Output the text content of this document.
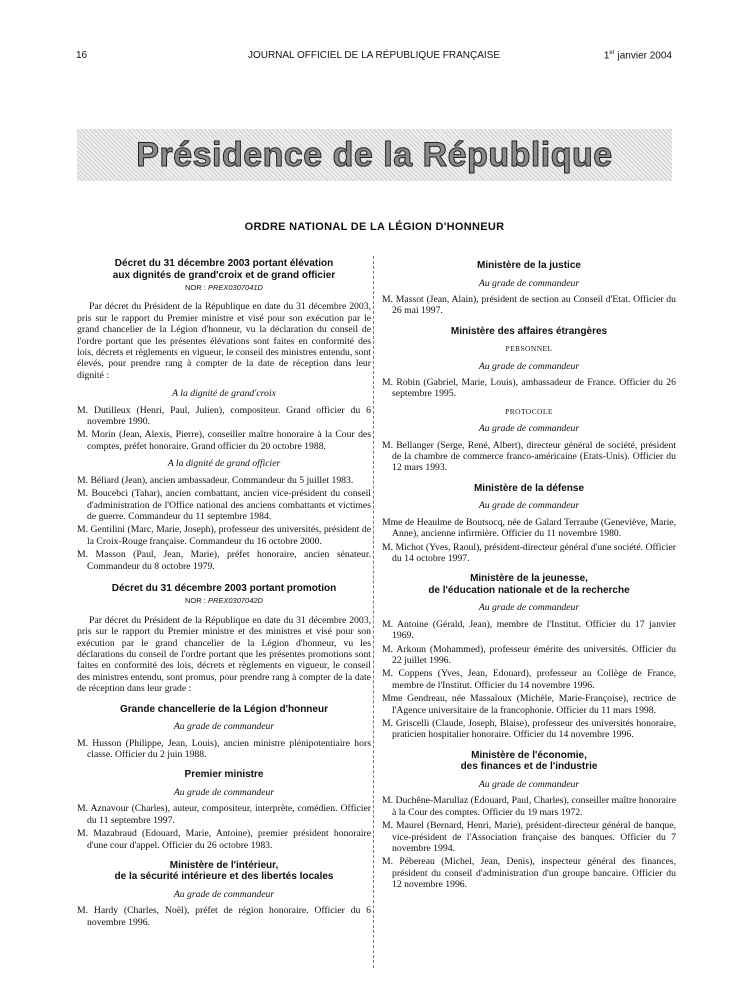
16	JOURNAL OFFICIEL DE LA RÉPUBLIQUE FRANÇAISE	1er janvier 2004
Présidence de la République
ORDRE NATIONAL DE LA LÉGION D'HONNEUR

Décret du 31 décembre 2003 portant élévation
aux dignités de grand'croix et de grand officier

NOR : PREX0307041D

Par décret du Président de la République en date du 31 décembre 2003, pris sur le rapport du Premier ministre et visé pour son exécution par le grand chancelier de la Légion d'honneur, vu la déclaration du conseil de l'ordre portant que les présentes élévations sont faites en conformité des lois, décrets et règlements en vigueur, le conseil des ministres entendu, sont élevés, pour prendre rang à compter de la date de réception dans leur dignité :

A la dignité de grand'croix

M. Dutilleux (Henri, Paul, Julien), compositeur. Grand officier du 6 novembre 1990.

M. Morin (Jean, Alexis, Pierre), conseiller maître honoraire à la Cour des comptes, préfet honoraire. Grand officier du 20 octobre 1988.

A la dignité de grand officier

M. Béliard (Jean), ancien ambassadeur. Commandeur du 5 juillet 1983.

M. Boucebci (Tahar), ancien combattant, ancien vice-président du conseil d'administration de l'Office national des anciens combattants et victimes de guerre. Commandeur du 11 septembre 1984.

M. Gentilini (Marc, Marie, Joseph), professeur des universités, président de la Croix-Rouge française. Commandeur du 16 octobre 2000.

M. Masson (Paul, Jean, Marie), préfet honoraire, ancien sénateur. Commandeur du 8 octobre 1979.

Décret du 31 décembre 2003 portant promotion

NOR : PREX0307042D

Par décret du Président de la République en date du 31 décembre 2003, pris sur le rapport du Premier ministre et des ministres et visé pour son exécution par le grand chancelier de la Légion d'honneur, vu les déclarations du conseil de l'ordre portant que les présentes promotions sont faites en conformité des lois, décrets et règlements en vigueur, le conseil des ministres entendu, sont promus, pour prendre rang à compter de la date de réception dans leur grade :

Grande chancellerie de la Légion d'honneur

Au grade de commandeur

M. Husson (Philippe, Jean, Louis), ancien ministre plénipotentiaire hors classe. Officier du 2 juin 1988.

Premier ministre

Au grade de commandeur

M. Aznavour (Charles), auteur, compositeur, interprète, comédien. Officier du 11 septembre 1997.

M. Mazabraud (Edouard, Marie, Antoine), premier président honoraire d'une cour d'appel. Officier du 26 octobre 1983.

Ministère de l'intérieur,
de la sécurité intérieure et des libertés locales

Au grade de commandeur

M. Hardy (Charles, Noël), préfet de région honoraire. Officier du 6 novembre 1996.

Ministère de la justice

Au grade de commandeur

M. Massot (Jean, Alain), président de section au Conseil d'Etat. Officier du 26 mai 1997.

Ministère des affaires étrangères

PERSONNEL

Au grade de commandeur

M. Robin (Gabriel, Marie, Louis), ambassadeur de France. Officier du 26 septembre 1995.

PROTOCOLE

Au grade de commandeur

M. Bellanger (Serge, René, Albert), directeur général de société, président de la chambre de commerce franco-américaine (Etats-Unis). Officier du 12 mars 1993.

Ministère de la défense

Au grade de commandeur

Mme de Heaulme de Boutsocq, née de Galard Terraube (Geneviève, Marie, Anne), ancienne infirmière. Officier du 11 novembre 1980.

M. Michot (Yves, Raoul), président-directeur général d'une société. Officier du 14 octobre 1997.

Ministère de la jeunesse,
de l'éducation nationale et de la recherche

Au grade de commandeur

M. Antoine (Gérald, Jean), membre de l'Institut. Officier du 17 janvier 1969.

M. Arkoun (Mohammed), professeur émérite des universités. Officier du 22 juillet 1996.

M. Coppens (Yves, Jean, Edouard), professeur au Collège de France, membre de l'Institut. Officier du 14 novembre 1996.

Mme Gendreau, née Massaloux (Michèle, Marie-Françoise), rectrice de l'Agence universitaire de la francophonie. Officier du 11 mars 1998.

M. Griscelli (Claude, Joseph, Blaise), professeur des universités honoraire, praticien hospitalier honoraire. Officier du 14 novembre 1996.

Ministère de l'économie,
des finances et de l'industrie

Au grade de commandeur

M. Duchêne-Marullaz (Edouard, Paul, Charles), conseiller maître honoraire à la Cour des comptes. Officier du 19 mars 1972.

M. Maurel (Bernard, Henri, Marie), président-directeur général de banque, vice-président de l'Association française des banques. Officier du 7 novembre 1994.

M. Pébereau (Michel, Jean, Denis), inspecteur général des finances, président du conseil d'administration d'un groupe bancaire. Officier du 12 novembre 1996.
